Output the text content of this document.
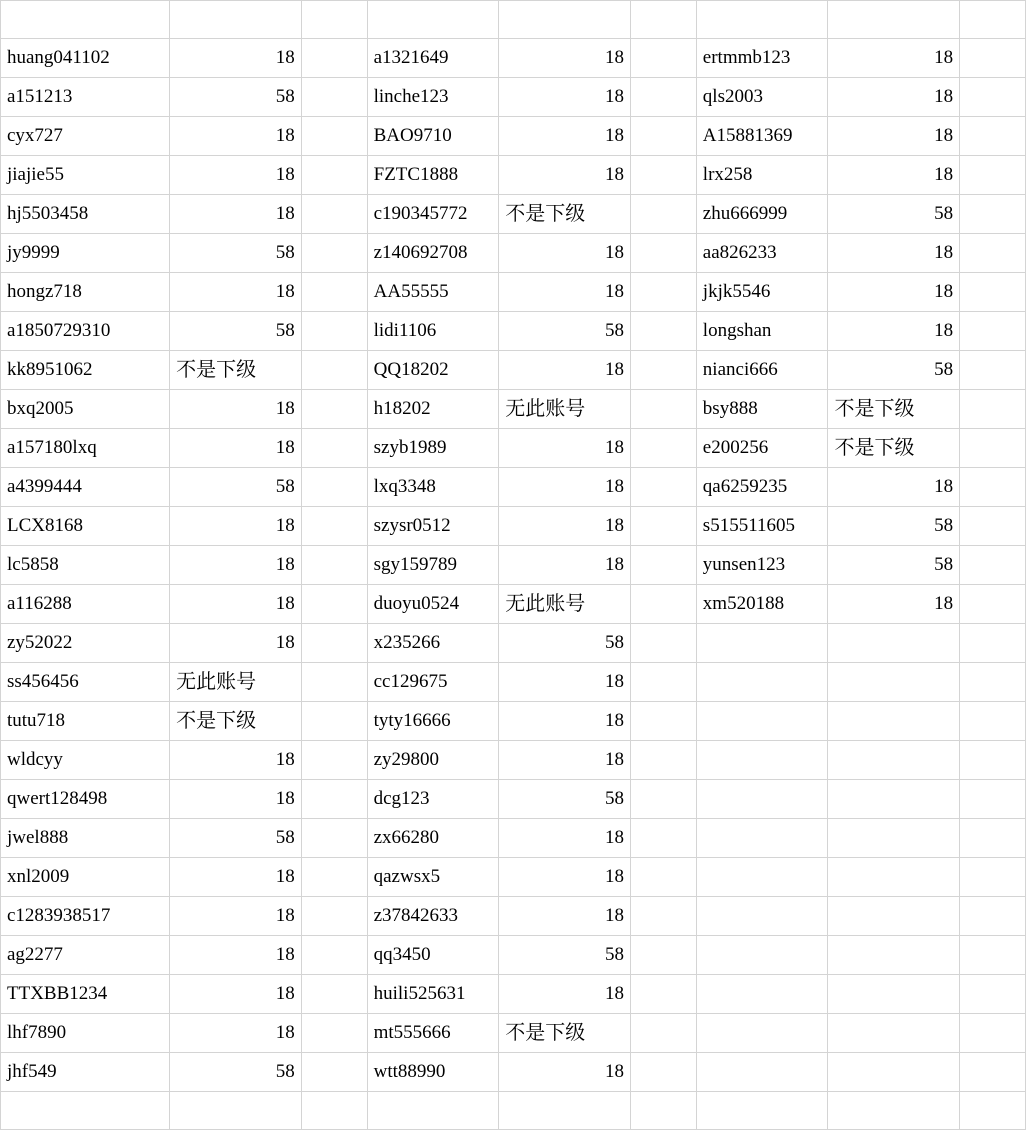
huang041102	18		a1321649	18		ertmmb123	18	
a151213	58		linche123	18		qls2003	18	
cyx727	18		BAO9710	18		A15881369	18	
jiajie55	18		FZTC1888	18		lrx258	18	
hj5503458	18		c190345772	不是下级		zhu666999	58	
jy9999	58		z140692708	18		aa826233	18	
hongz718	18		AA55555	18		jkjk5546	18	
a1850729310	58		lidi1106	58		longshan	18	
kk8951062	不是下级		QQ18202	18		nianci666	58	
bxq2005	18		h18202	无此账号		bsy888	不是下级	
a157180lxq	18		szyb1989	18		e200256	不是下级	
a4399444	58		lxq3348	18		qa6259235	18	
LCX8168	18		szysr0512	18		s515511605	58	
lc5858	18		sgy159789	18		yunsen123	58	
a116288	18		duoyu0524	无此账号		xm520188	18	
zy52022	18		x235266	58				
ss456456	无此账号		cc129675	18				
tutu718	不是下级		tyty16666	18				
wldcyy	18		zy29800	18				
qwert128498	18		dcg123	58				
jwel888	58		zx66280	18				
xnl2009	18		qazwsx5	18				
c1283938517	18		z37842633	18				
ag2277	18		qq3450	58				
TTXBB1234	18		huili525631	18				
lhf7890	18		mt555666	不是下级				
jhf549	58		wtt88990	18				
